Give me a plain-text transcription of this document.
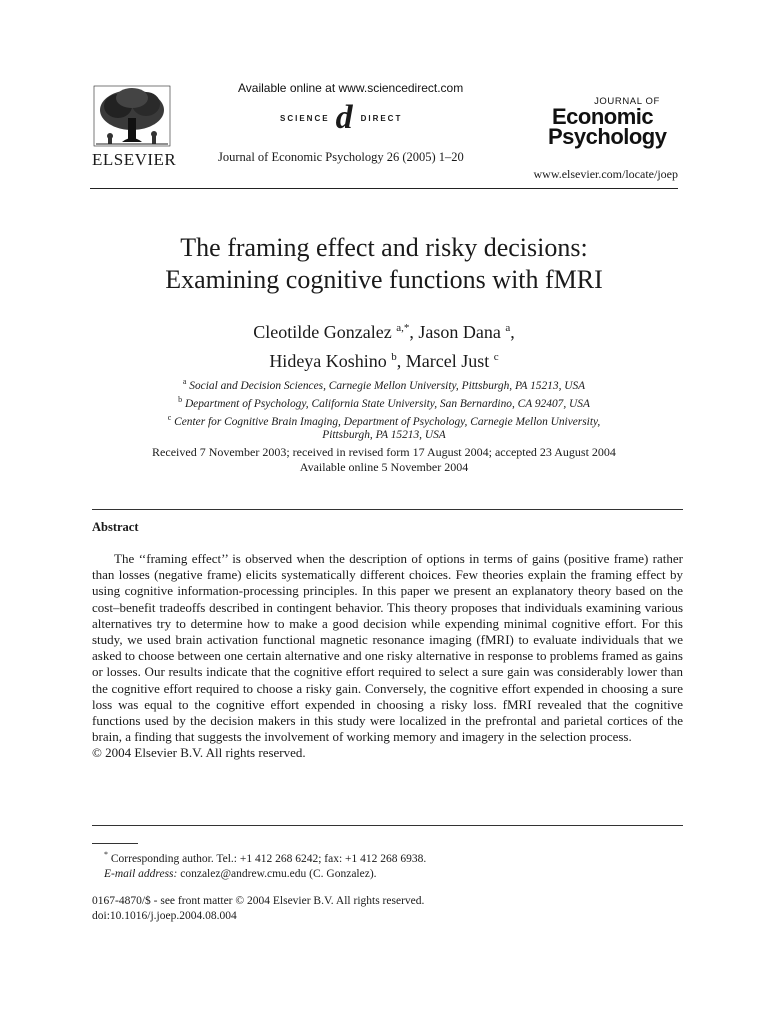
ELSEVIER
Available online at www.sciencedirect.com
SCIENCE d DIRECT
Journal of Economic Psychology 26 (2005) 1–20
JOURNAL OF
Economic
Psychology
www.elsevier.com/locate/joep
The framing effect and risky decisions:
Examining cognitive functions with fMRI
Cleotilde Gonzalez $^{a,*}$, Jason Dana $^a$,
Hideya Koshino $^b$, Marcel Just $^c$
$^a$ Social and Decision Sciences, Carnegie Mellon University, Pittsburgh, PA 15213, USA
$^b$ Department of Psychology, California State University, San Bernardino, CA 92407, USA
$^c$ Center for Cognitive Brain Imaging, Department of Psychology, Carnegie Mellon University,
Pittsburgh, PA 15213, USA
Received 7 November 2003; received in revised form 17 August 2004; accepted 23 August 2004
Available online 5 November 2004
Abstract

The ‘‘framing effect’’ is observed when the description of options in terms of gains (positive frame) rather than losses (negative frame) elicits systematically different choices. Few theories explain the framing effect by using cognitive information-processing principles. In this paper we present an explanatory theory based on the cost–benefit tradeoffs described in contingent behavior. This theory proposes that individuals examining various alternatives try to determine how to make a good decision while expending minimal cognitive effort. For this study, we used brain activation functional magnetic resonance imaging (fMRI) to evaluate individuals that we asked to choose between one certain alternative and one risky alternative in response to problems framed as gains or losses. Our results indicate that the cognitive effort required to select a sure gain was considerably lower than the cognitive effort required to choose a risky gain. Conversely, the cognitive effort expended in choosing a sure loss was equal to the cognitive effort expended in choosing a risky loss. fMRI revealed that the cognitive functions used by the decision makers in this study were localized in the prefrontal and parietal cortices of the brain, a finding that suggests the involvement of working memory and imagery in the selection process.

© 2004 Elsevier B.V. All rights reserved.

* Corresponding author. Tel.: +1 412 268 6242; fax: +1 412 268 6938.
E-mail address: conzalez@andrew.cmu.edu (C. Gonzalez).
0167-4870/$ - see front matter © 2004 Elsevier B.V. All rights reserved.
doi:10.1016/j.joep.2004.08.004
